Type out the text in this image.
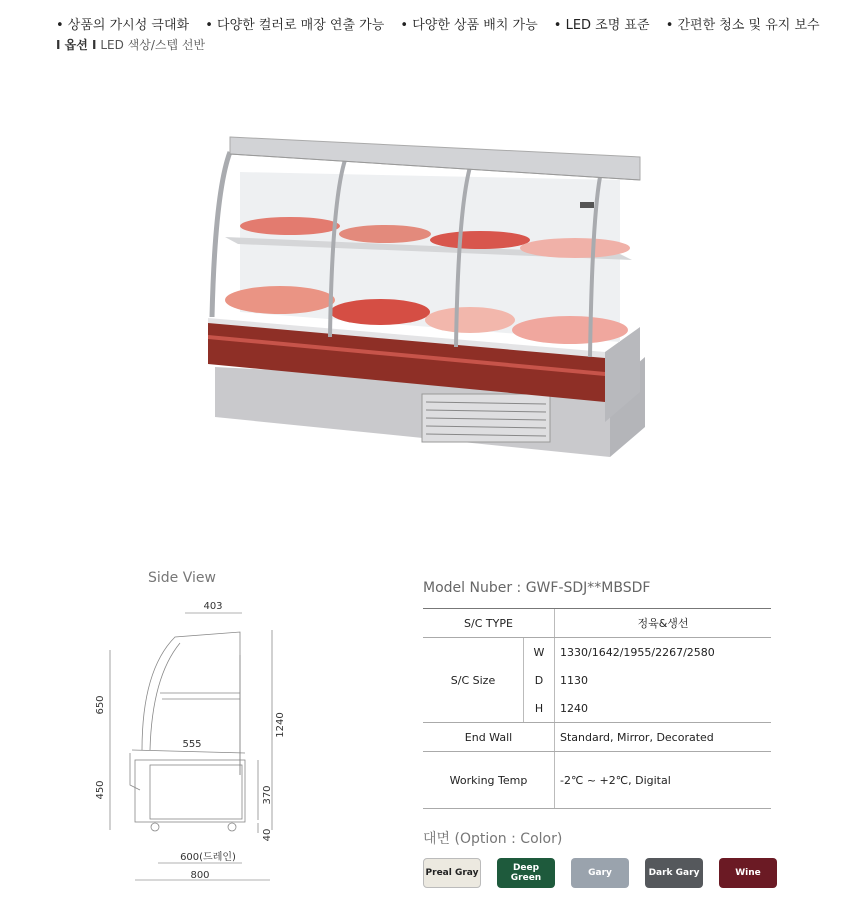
• 상품의 가시성 극대화 • 다양한 컬러로 매장 연출 가능 • 다양한 상품 배치 가능 • LED 조명 표준 • 간편한 청소 및 유지 보수
I 옵션 I LED 색상/스텝 선반
Side View
403
650
450
1240
555
370
40
600(드레인)
800
Model Nuber : GWF-SDJ**MBSDF
S/C TYPE		정육&생선
S/C Size	W	1330/1642/1955/2267/2580
	D	1130
	H	1240
End Wall		Standard, Mirror, Decorated
Working Temp		-2℃ ~ +2℃, Digital
대면 (Option : Color)
Preal Gray	Deep Green	Gary	Dark Gary	Wine
